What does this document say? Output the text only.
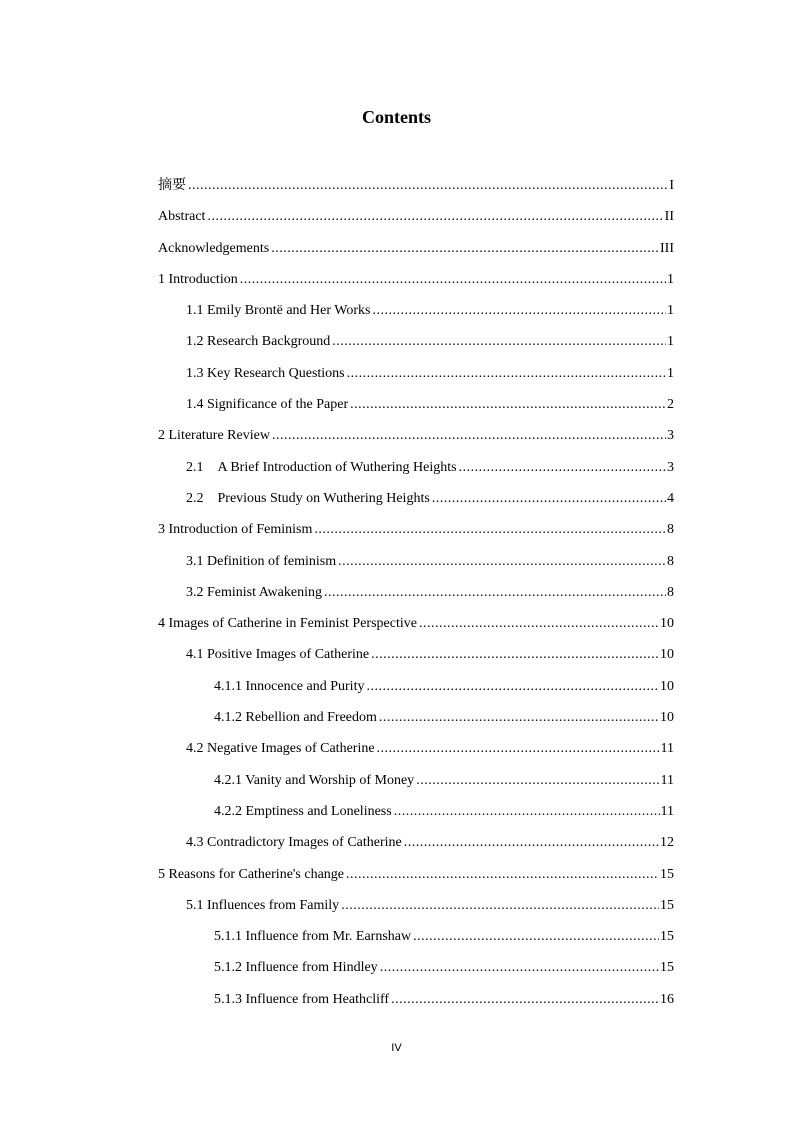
Contents
摘要 .....	I
Abstract .....	II
Acknowledgements .....	III
1 Introduction .....	1
1.1 Emily Brontë and Her Works .....	1
1.2 Research Background .....	1
1.3 Key Research Questions .....	1
1.4 Significance of the Paper .....	2
2 Literature Review .....	3
2.1    A Brief Introduction of Wuthering Heights .....	3
2.2    Previous Study on Wuthering Heights .....	4
3 Introduction of Feminism .....	8
3.1 Definition of feminism .....	8
3.2 Feminist Awakening .....	8
4 Images of Catherine in Feminist Perspective .....	10
4.1 Positive Images of Catherine .....	10
4.1.1 Innocence and Purity .....	10
4.1.2 Rebellion and Freedom .....	10
4.2 Negative Images of Catherine .....	11
4.2.1 Vanity and Worship of Money .....	11
4.2.2 Emptiness and Loneliness .....	11
4.3 Contradictory Images of Catherine .....	12
5 Reasons for Catherine's change .....	15
5.1 Influences from Family .....	15
5.1.1 Influence from Mr. Earnshaw .....	15
5.1.2 Influence from Hindley .....	15
5.1.3 Influence from Heathcliff .....	16
IV
